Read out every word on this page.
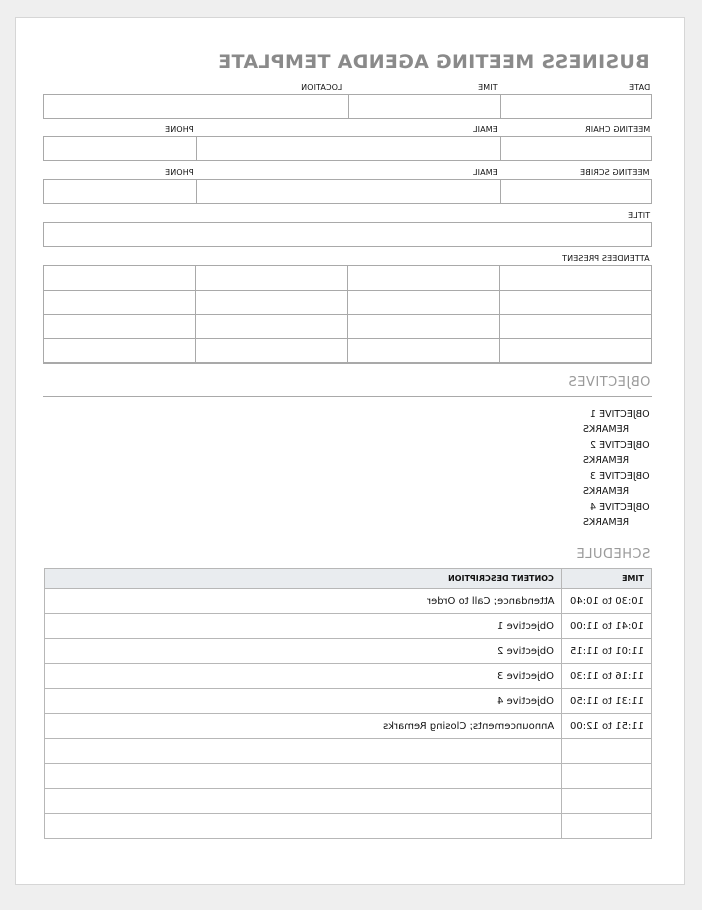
BUSINESS MEETING AGENDA TEMPLATE
DATE
TIME
LOCATION
MEETING CHAIR
EMAIL
PHONE
MEETING SCRIBE
EMAIL
PHONE
TITLE
ATTENDEES PRESENT
OBJECTIVES
OBJECTIVE 1
REMARKS
OBJECTIVE 2
REMARKS
OBJECTIVE 3
REMARKS
OBJECTIVE 4
REMARKS
SCHEDULE
CONTENT DESCRIPTION	TIME
Attendance; Call to Order	10:30 to 10:40
Objective 1	10:41 to 11:00
Objective 2	11:01 to 11:15
Objective 3	11:16 to 11:30
Objective 4	11:31 to 11:50
Announcements; Closing Remarks	11:51 to 12:00
